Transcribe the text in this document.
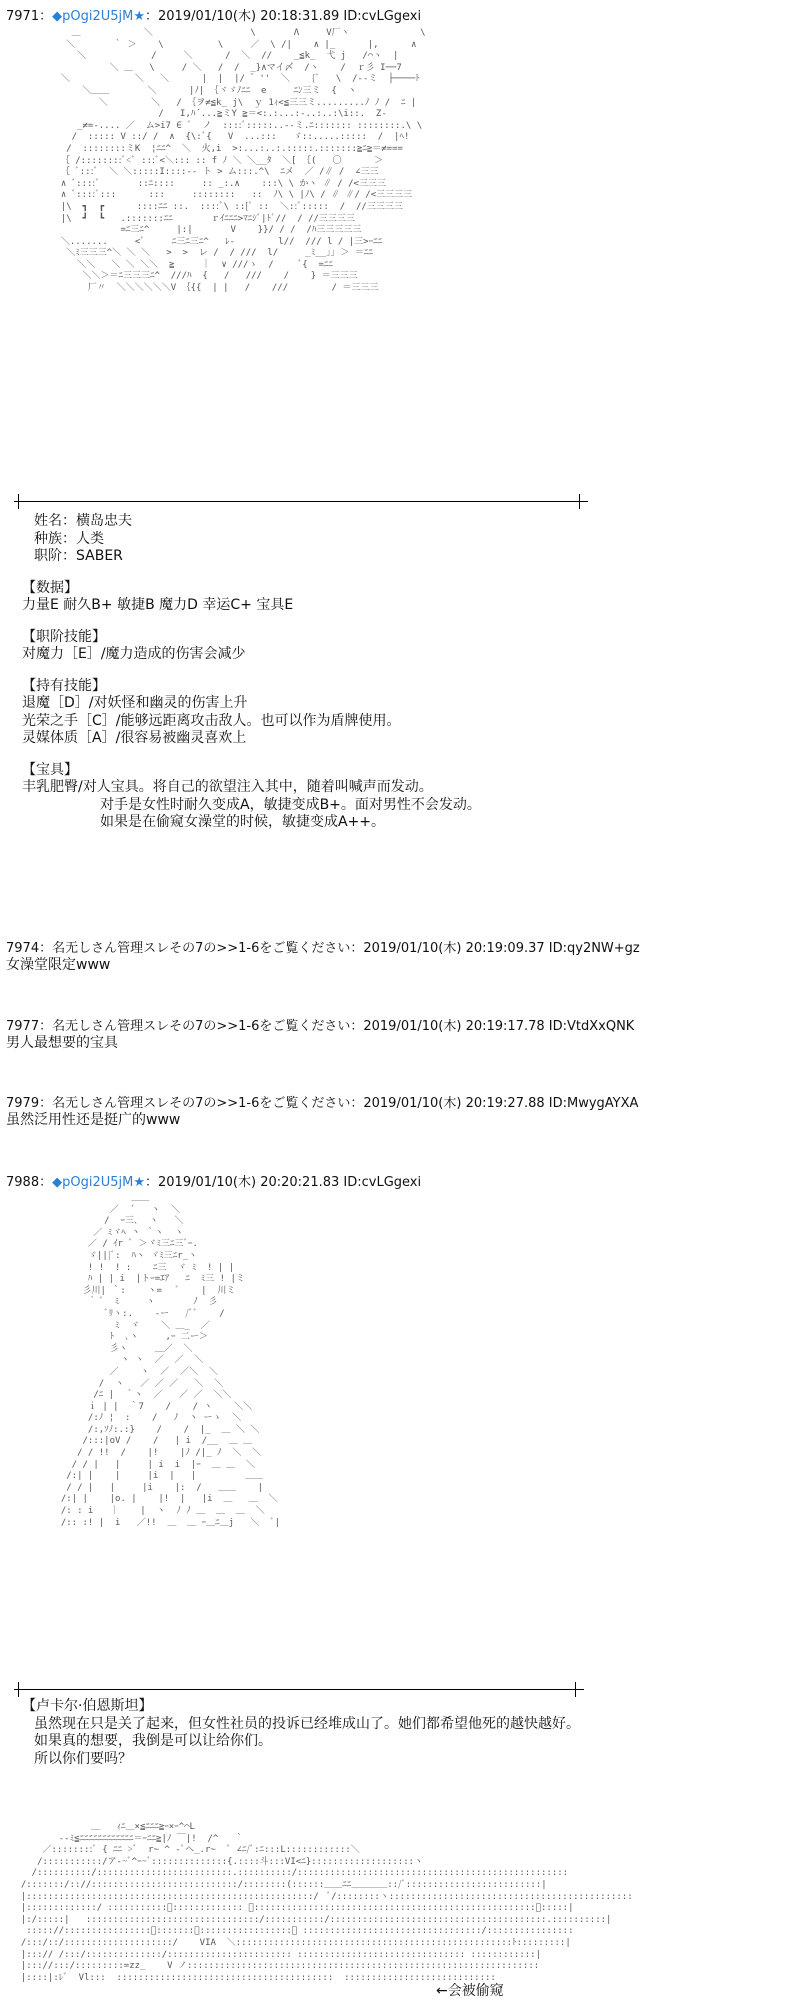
7971：◆pOgi2U5jM★：2019/01/10(木) 20:18:31.89 ID:cvLGgexi
＿　          ＼                  \       Λ     V厂ヽ             \
＼       ｀ ＞    \          \     ／  \ /|    ∧ |_      |,      ∧
＼            /     ＼      /  ＼  //    _≦k_  弋 j   /⌒ヽ  |
＼ ＿   \     / ＼   /  /  _}∧マイ〆  /ヽ    /  ｒ彡 Ι──7
＼            ＼   ＼      |  |  |/ ゛''  ＼    {ﾞ   \  /--ミ  ├────ﾄ
＼＿＿       ＼      |ﾉ| ｛ヾゞﾉﾆﾆ  e     ﾆﾝ三ミ  {  ヽ
＼        ＼   / ｛ヲ≠≦k_ j\  ｙ 1ｨ<≦三三ミ.........ﾉ ﾉ /  ﾆ |
/   I,ﾊ´...≧ミY ≧＝<:.:...:-..:..:\i::.  Ζ-
_≠=-.... ／  ム>i7 ∈ ﾞ  ノ  ::::ﾞ:::::..--ミ.ﾆ::::::: ::::::::.\ \
/  ::::: V ::/ /  ∧  {\:ﾞ{   V  ...:::   ゞ::.....:::::  /  |ﾍ!
/  ::::::::ミK  ¦ﾆﾆ^  ＼  火,i  >:...:..:.:::::.:::::::≧ﾆ≧＝≠===
｛ /::::::::ﾞ<ﾞ :::ﾞ<＼::: :: f ﾉ ＼ ＼__ﾀ  ＼[ ｛(   〇      ＞
｛ ﾞ:::ﾞ  ＼ ＼:::::I::::-- ト > ム:::.^\  ﾆメ  ／ /∥ /  ∠三三
∧ ﾞ::::ﾞ       ::ﾆ::::     :: _:.∧    :::\ \ かヽ ∥ / /<三三三
∧ ﾞ::::ﾞ:::      :::     ::::::::   ::  ﾉ\ \ |ﾉ\ / ∥ ∥/ /<三三三三
|\  ┓  ┏      ::::ﾆﾆ ::.  ::::ﾞ\ ::[ﾞ ::  ＼::ﾞ:::::  /  //三三三三
|\  ┛  ┗   .:::::::ﾆﾆ       ｒｲﾆﾆﾆ>ﾏﾆｼﾞ|ﾄﾞ//  / //三三三三
=ﾆ三ﾆ^     |:|       V    }}/ / /  /ﾊ三三三三三
＼.......     <ﾞ     ﾆ三ﾆ三ﾆ^   ﾚ-        l//  /// l / |三>ｰﾆﾆ
＼ﾐ三三三^＼ ＼ ＼   >  >  レ /  / ///  l/     _ﾐ__｣｣ ＞ ＝ﾆﾆ
＼＼   ＼ ＼ ＼＼  ≧     ｜  ∨ ///ゝ  /     ﾞ{  =ﾆﾆ
＼＼＞＝ﾆ三三三ﾆ^  ///ﾊ  {   /   ///    /    } ＝三三三
厂〃  ＼＼＼＼＼＼V ｛{{  | |   /    ///        / ＝三三三
姓名：横岛忠夫
种族：人类
职阶：SABER
【数据】
力量E 耐久B+ 敏捷B 魔力D 幸运C+ 宝具E
【职阶技能】
对魔力［E］/魔力造成的伤害会减少
【持有技能】
退魔［D］/对妖怪和幽灵的伤害上升
光荣之手［C］/能够远距离攻击敌人。也可以作为盾牌使用。
灵媒体质［A］/很容易被幽灵喜欢上
【宝具】
丰乳肥臀/对人宝具。将自己的欲望注入其中，随着叫喊声而发动。
对手是女性时耐久变成A，敏捷变成B+。面对男性不会发动。
如果是在偷窥女澡堂的时候，敏捷变成A++。
7974：名无しさん管理スレその7の>>1-6をご覧ください：2019/01/10(木) 20:19:09.37 ID:qy2NW+gz
女澡堂限定www
7977：名无しさん管理スレその7の>>1-6をご覧ください：2019/01/10(木) 20:19:17.78 ID:VtdXxQNK
男人最想要的宝具
7979：名无しさん管理スレその7の>>1-6をご覧ください：2019/01/10(木) 20:19:27.88 ID:MwygAYXA
虽然泛用性还是挺广的www
7988：◆pOgi2U5jM★：2019/01/10(木) 20:20:21.83 ID:cvLGgexi
＿＿
／  ´   ヽ  ＼
/  ｰ三､  ヽ   ＼
／ ﾐヾﾍ 丶 ｀ヽ  ヽ
／ / ｲr ﾞ ＞ヾﾐ三ﾆ三ﾞｰ.
ゞ|||ﾞ:  ﾊヽ ヾﾐ三ﾆr_ヽ
! !  ! :    ﾆ三  ヾ ﾐ  ! | |
ﾊ | | i  |トｰ=ｴｱ   ﾆ  ﾐ三 ! |ミ
彡川| ｀:    ヽ=   ﾞ    |  川ミ
｀ ﾞ  ﾐ     ヽ       ﾉ  彡
ﾞﾘヽ:.    ‐ー   /ﾞﾞ    /
ﾐ  ヾ    ＼ ＿_  ／
ﾄ  ､ヽ     ,ｰ 二ー＞
彡ヽ     ＿／  ＼
ヽ ヽ  ／  ／  ＼
／    ヽ  ／  ／＼  ＼
/  ヽ   ／ ／ ／   ＼  ＼
/ﾆ |  ｀ヽ  ／   ／ ／  ＼＼
ｉ | |  ｀7    /    / ヽ    ＼＼
/:ﾉ ¦  :    /   ﾉ  ヽ ーゝ  ＼
/:,ｿﾉ:.:}    /    /  |_  ＿ ＼ ＼
/:::|oV /    /   | i  /__  ＿ ＿
/ / !!  /    |!    |ﾉ /|_ ﾉ  ＼  ＼
/ / |   |     | i  i  |ｰ  ＿ ＿  ＼
/:| |    |     |i  |   |         ＿＿
/ / |   |     |i    |:  /   ＿＿    |
/:| |    |o. |    |!  |   |i  ＿   ＿  ＼
/: : i   ｜    |  ヽ  ﾉ ﾉ ＿  ＿  ＿  ＼
/:: :! |  i   ／!!  ＿  ＿ ｰ＿ﾆ＿j   ＼  ﾞ|
【卢卡尔·伯恩斯坦】
虽然现在只是关了起来，但女性社员的投诉已经堆成山了。她们都希望他死的越快越好。
如果真的想要，我倒是可以让给你们。
所以你们要吗？
＿   ｨﾆ＿×≦ﾆﾆﾆ≧ｰ×ｰ^⌒L
‐-ﾐ≦ﾆﾆﾆﾆﾆﾆﾆﾆﾆﾆﾆﾆ＝ｰﾆﾆ≧|ﾉ ￣|!  /^   ｀
／::::::::ﾞ { ﾆﾆ >ﾞ  r~ ^ ‐ﾞヘ_.r~  ﾞ ∠ﾆ/ﾞ:ﾆ:::L::::::::::::＼
/:::::::::::/ア‐~ﾞ^ｰ~ﾞ::::::::::::::{.::::斗:::VI<ﾆ}:::::::::::::::::::ヽ
/::::::::::/:::::::::::::::::::::::::.::::::::::/::::::::::::::::::::::::::::::::::::::::::::::::::
/:::::::/:://:::::::::::::::::::::::::::/::::::::(::::::＿＿ﾆﾆ＿＿＿＿::/ﾞ:::::::::::::::::::::::::|
|:::::::::::::::::::::::::::::::::::::::::::::::::::::/  ﾞ/::::::::ヽ:::::::::::::::::::::::::::::::::::::::::::::
|:::::::::::::/ :::::::::::ﾞ::::::::::::: ﾞ::::::::::::::::::::::::::::::::::::::::::::::::::::ﾞ:::::|
|:/:::::|   ::::::::::::::::::::::::::::::::/:::::::::::/::::::::::::::::::::::::::::::::::::::::.::::::::::|
::::://::::::::::::::::ﾞ:::::::ﾞ:::::::::::::::::ﾞ :::::::::::::::::::::::::::::::::/::::::::::::::::
/:::/::/::::::::::::::::::::/    VIA  ＼:::::::::::::::::::::::::::::::::::::::::::::::::::ﾄ:::::::::|
|:::// /:::/::::::::::::::/::::::::::::::::::::::: ::::::::::::::::::::::::::::::: ::::::::::::|
|::://:::/:::::::::=zz_    V ノ:::::::::::::::::::::::::::::::::::::::::::::::::::::::::::::::::
|::::|:ﾚﾞ  Vl:::  ::::::::::::::::::::::::::::::::::::::::  ::::::::::::::::::::::::::::
←会被偷窥
